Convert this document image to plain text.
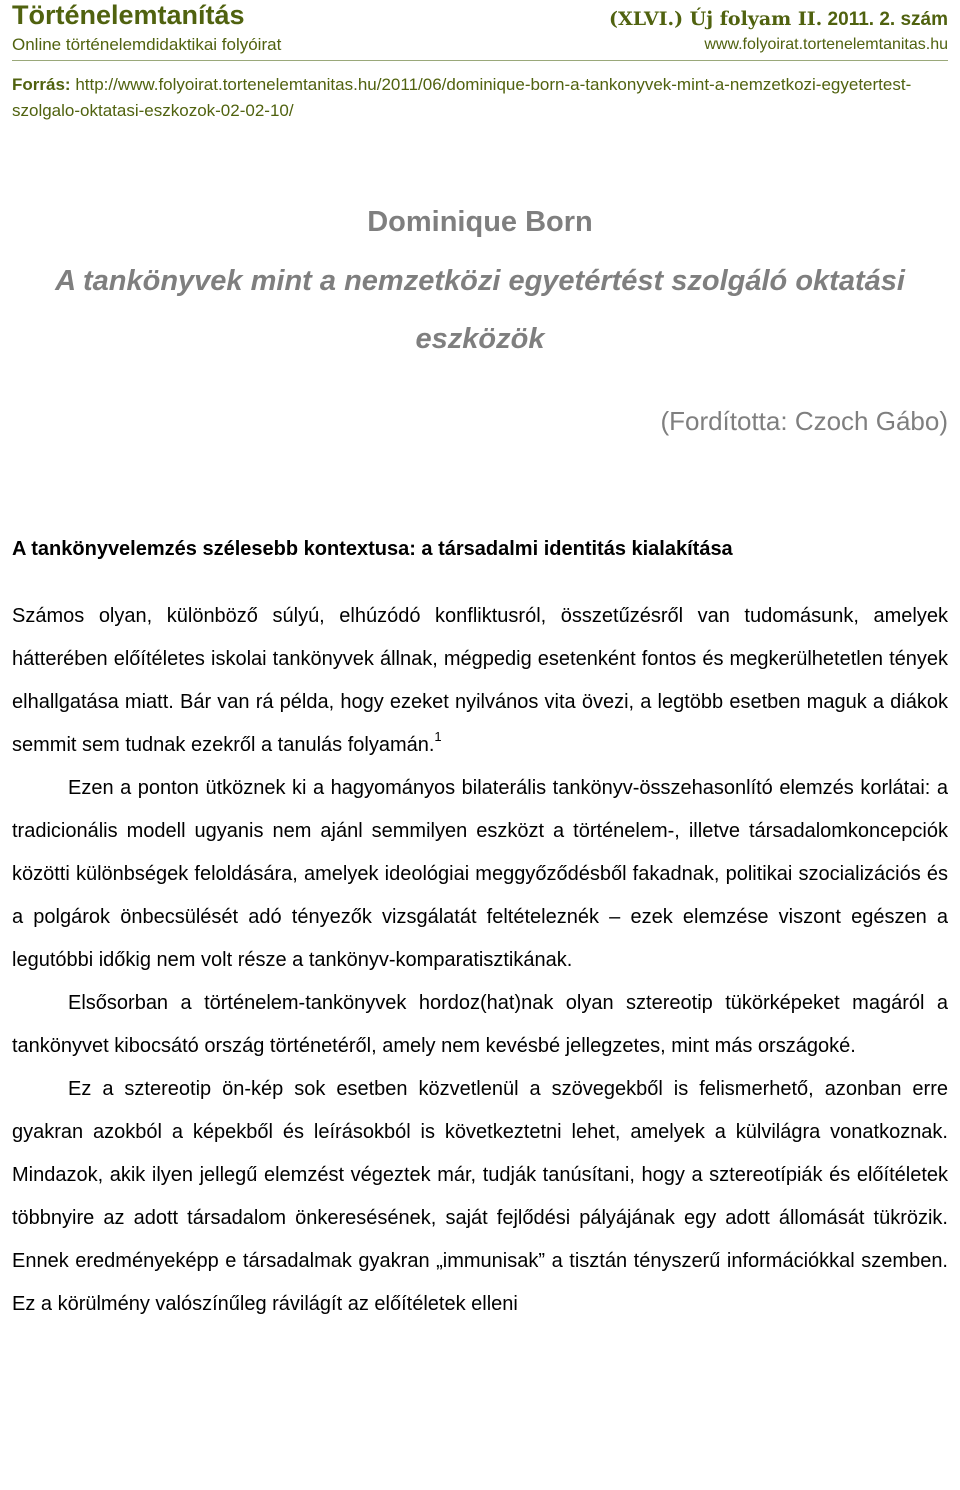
Történelemtanítás
Online történelemdidaktikai folyóirat
(XLVI.) Új folyam II. 2011. 2. szám
www.folyoirat.tortenelemtanitas.hu
Forrás: http://www.folyoirat.tortenelemtanitas.hu/2011/06/dominique-born-a-tankonyvek-mint-a-nemzetkozi-egyetertest-szolgalo-oktatasi-eszkozok-02-02-10/
Dominique Born
A tankönyvek mint a nemzetközi egyetértést szolgáló oktatási eszközök
(Fordította: Czoch Gábo)
A tankönyvelemzés szélesebb kontextusa: a társadalmi identitás kialakítása

Számos olyan, különböző súlyú, elhúzódó konfliktusról, összetűzésről van tudomásunk, amelyek hátterében előítéletes iskolai tankönyvek állnak, mégpedig esetenként fontos és megkerülhetetlen tények elhallgatása miatt. Bár van rá példa, hogy ezeket nyilvános vita övezi, a legtöbb esetben maguk a diákok semmit sem tudnak ezekről a tanulás folyamán.$^1$

Ezen a ponton ütköznek ki a hagyományos bilaterális tankönyv-összehasonlító elemzés korlátai: a tradicionális modell ugyanis nem ajánl semmilyen eszközt a történelem-, illetve társadalomkoncepciók közötti különbségek feloldására, amelyek ideológiai meggyőződésből fakadnak, politikai szocializációs és a polgárok önbecsülését adó tényezők vizsgálatát feltételeznék – ezek elemzése viszont egészen a legutóbbi időkig nem volt része a tankönyv-komparatisztikának.

Elsősorban a történelem-tankönyvek hordoz(hat)nak olyan sztereotip tükörképeket magáról a tankönyvet kibocsátó ország történetéről, amely nem kevésbé jellegzetes, mint más országoké.

Ez a sztereotip ön-kép sok esetben közvetlenül a szövegekből is felismerhető, azonban erre gyakran azokból a képekből és leírásokból is következtetni lehet, amelyek a külvilágra vonatkoznak. Mindazok, akik ilyen jellegű elemzést végeztek már, tudják tanúsítani, hogy a sztereotípiák és előítéletek többnyire az adott társadalom önkeresésének, saját fejlődési pályájának egy adott állomását tükrözik. Ennek eredményeképp e társadalmak gyakran „immunisak” a tisztán tényszerű információkkal szemben. Ez a körülmény valószínűleg rávilágít az előítéletek elleni
